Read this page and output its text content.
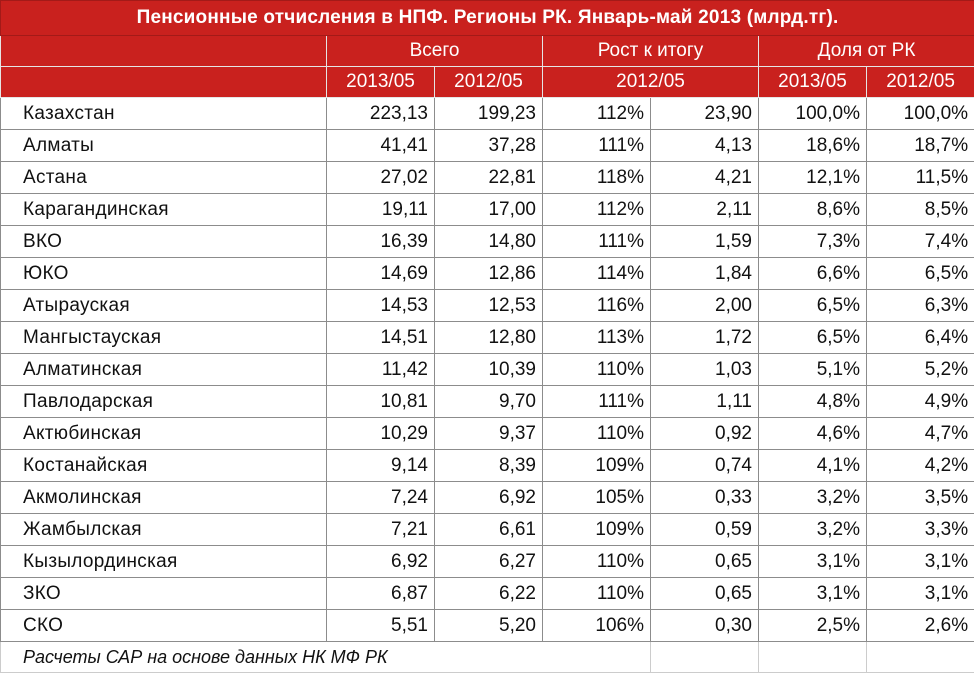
Пенсионные отчисления в НПФ. Регионы РК. Январь-май 2013 (млрд.тг).						
	Всего		Рост к итогу		Доля от РК	
	2013/05	2012/05	2012/05		2013/05	2012/05
Казахстан	223,13	199,23	112%	23,90	100,0%	100,0%
Алматы	41,41	37,28	111%	4,13	18,6%	18,7%
Астана	27,02	22,81	118%	4,21	12,1%	11,5%
Карагандинская	19,11	17,00	112%	2,11	8,6%	8,5%
ВКО	16,39	14,80	111%	1,59	7,3%	7,4%
ЮКО	14,69	12,86	114%	1,84	6,6%	6,5%
Атырауская	14,53	12,53	116%	2,00	6,5%	6,3%
Мангыстауская	14,51	12,80	113%	1,72	6,5%	6,4%
Алматинская	11,42	10,39	110%	1,03	5,1%	5,2%
Павлодарская	10,81	9,70	111%	1,11	4,8%	4,9%
Актюбинская	10,29	9,37	110%	0,92	4,6%	4,7%
Костанайская	9,14	8,39	109%	0,74	4,1%	4,2%
Акмолинская	7,24	6,92	105%	0,33	3,2%	3,5%
Жамбылская	7,21	6,61	109%	0,59	3,2%	3,3%
Кызылординская	6,92	6,27	110%	0,65	3,1%	3,1%
ЗКО	6,87	6,22	110%	0,65	3,1%	3,1%
СКО	5,51	5,20	106%	0,30	2,5%	2,6%
Расчеты САР на основе данных НК МФ РК						
